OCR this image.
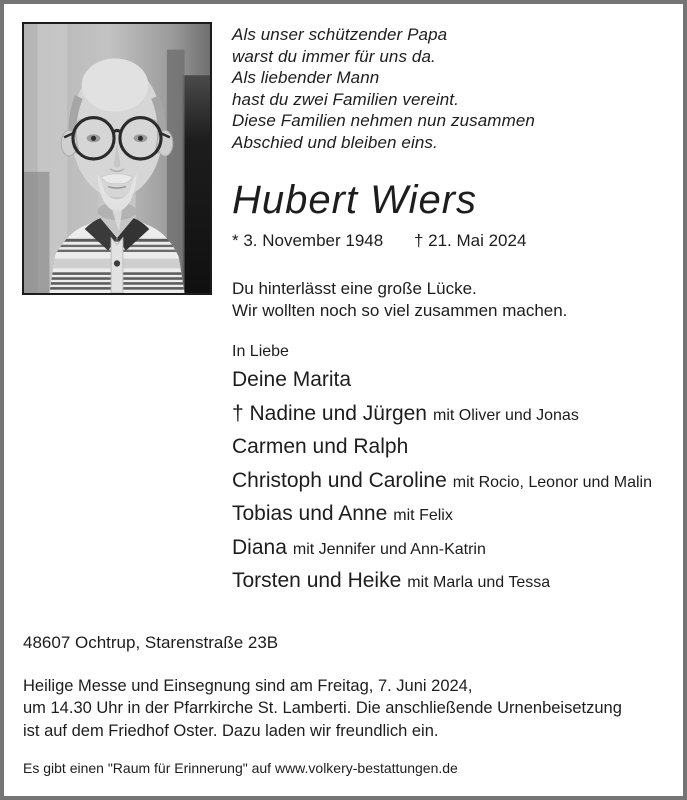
Als unser schützender Papa
warst du immer für uns da.
Als liebender Mann
hast du zwei Familien vereint.
Diese Familien nehmen nun zusammen
Abschied und bleiben eins.
Hubert Wiers
* 3. November 1948 † 21. Mai 2024
Du hinterlässt eine große Lücke.
Wir wollten noch so viel zusammen machen.
In Liebe
Deine Marita
† Nadine und Jürgen mit Oliver und Jonas
Carmen und Ralph
Christoph und Caroline mit Rocio, Leonor und Malin
Tobias und Anne mit Felix
Diana mit Jennifer und Ann-Katrin
Torsten und Heike mit Marla und Tessa
48607 Ochtrup, Starenstraße 23B
Heilige Messe und Einsegnung sind am Freitag, 7. Juni 2024,
um 14.30 Uhr in der Pfarrkirche St. Lamberti. Die anschließende Urnenbeisetzung
ist auf dem Friedhof Oster. Dazu laden wir freundlich ein.
Es gibt einen "Raum für Erinnerung" auf www.volkery-bestattungen.de
